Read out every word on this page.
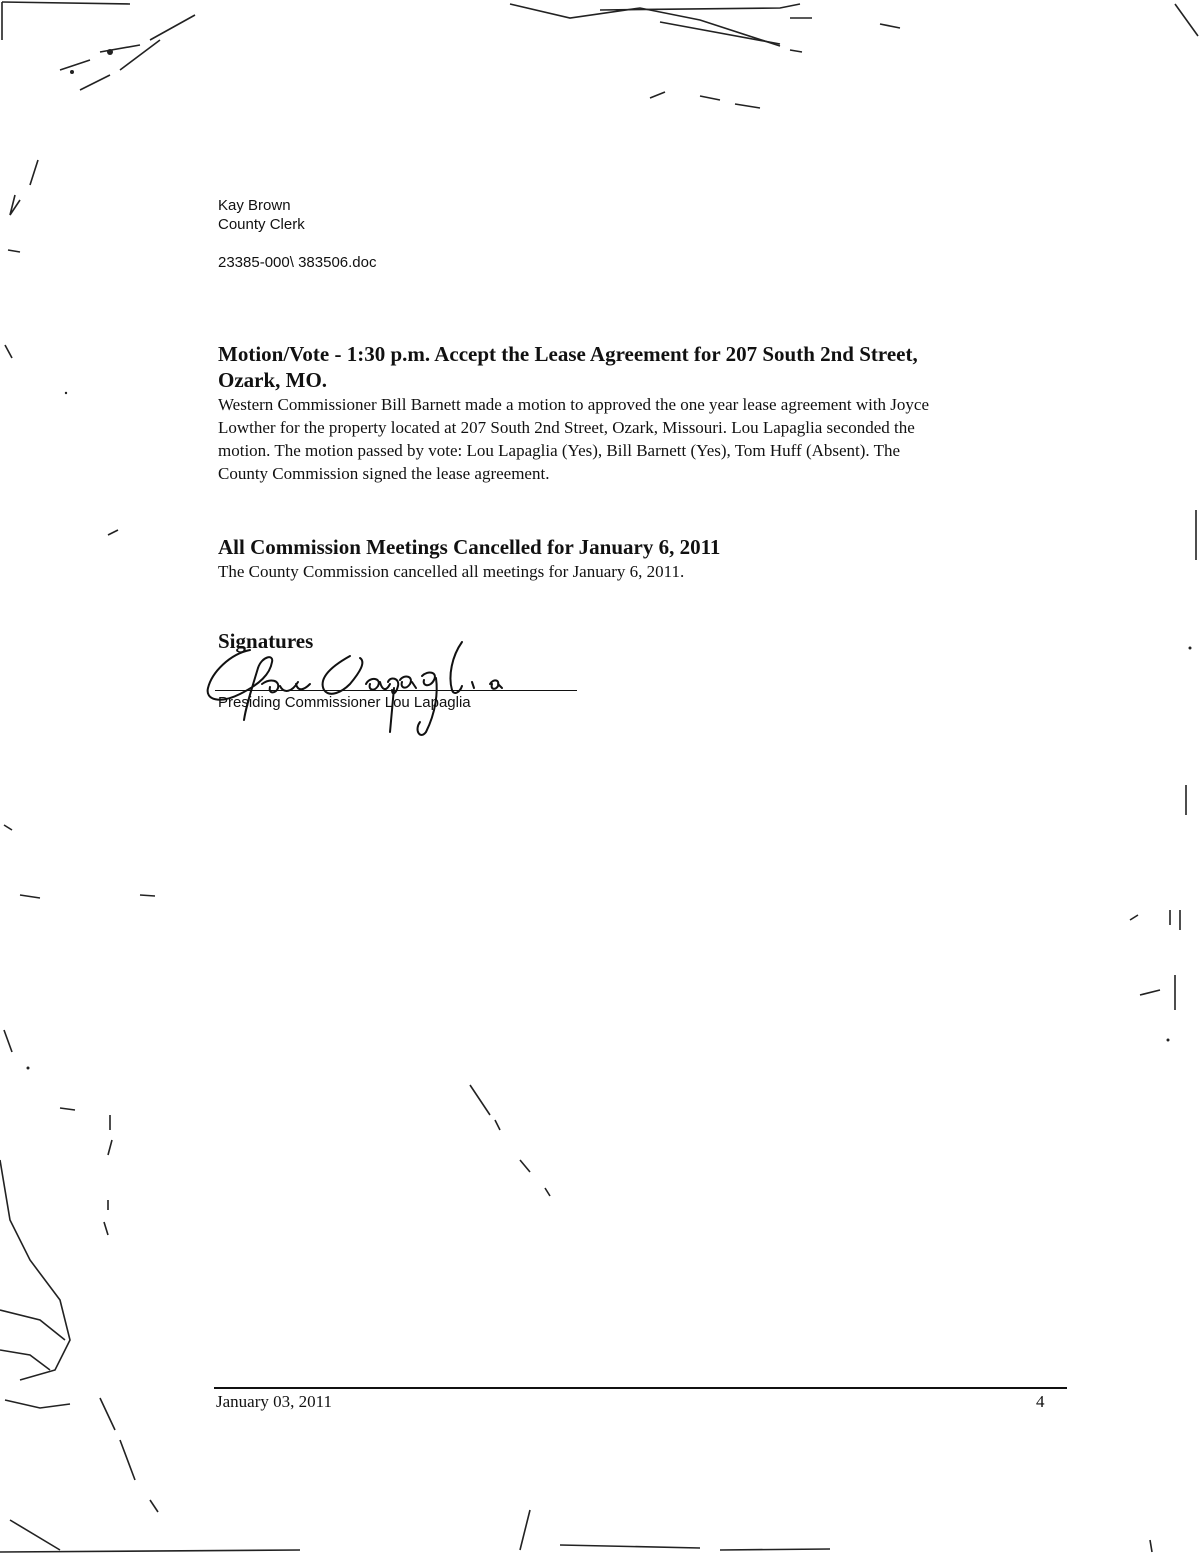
Kay Brown
County Clerk
23385-000\ 383506.doc
Motion/Vote - 1:30 p.m. Accept the Lease Agreement for 207 South 2nd Street,
Ozark, MO.

Western Commissioner Bill Barnett made a motion to approved the one year lease agreement with Joyce
Lowther for the property located at 207 South 2nd Street, Ozark, Missouri. Lou Lapaglia seconded the
motion. The motion passed by vote: Lou Lapaglia (Yes), Bill Barnett (Yes), Tom Huff (Absent). The
County Commission signed the lease agreement.

All Commission Meetings Cancelled for January 6, 2011

The County Commission cancelled all meetings for January 6, 2011.

Signatures
Presiding Commissioner Lou Lapaglia
January 03, 2011	4
